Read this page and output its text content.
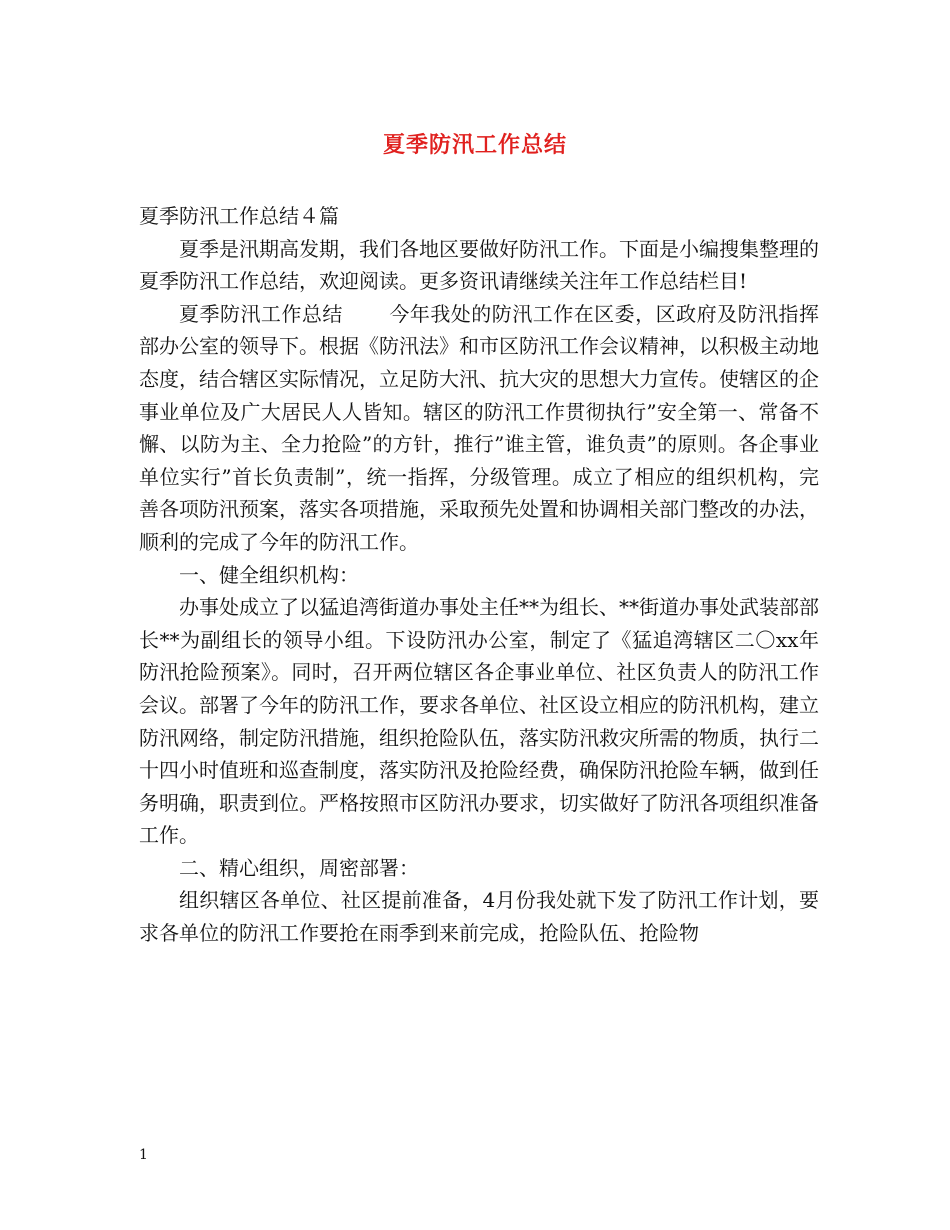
夏季防汛工作总结

夏季防汛工作总结４篇

夏季是汛期高发期，我们各地区要做好防汛工作。下面是小编搜集整理的夏季防汛工作总结，欢迎阅读。更多资讯请继续关注年工作总结栏目!

夏季防汛工作总结 今年我处的防汛工作在区委，区政府及防汛指挥部办公室的领导下。根据《防汛法》和市区防汛工作会议精神，以积极主动地态度，结合辖区实际情况，立足防大汛、抗大灾的思想大力宣传。使辖区的企事业单位及广大居民人人皆知。辖区的防汛工作贯彻执行”安全第一、常备不懈、以防为主、全力抢险”的方针，推行”谁主管，谁负责”的原则。各企事业单位实行”首长负责制”，统一指挥，分级管理。成立了相应的组织机构，完善各项防汛预案，落实各项措施，采取预先处置和协调相关部门整改的办法，顺利的完成了今年的防汛工作。

一、健全组织机构：

办事处成立了以猛追湾街道办事处主任**为组长、**街道办事处武装部部长**为副组长的领导小组。下设防汛办公室，制定了《猛追湾辖区二〇xx年防汛抢险预案》。同时，召开两位辖区各企事业单位、社区负责人的防汛工作会议。部署了今年的防汛工作，要求各单位、社区设立相应的防汛机构，建立防汛网络，制定防汛措施，组织抢险队伍，落实防汛救灾所需的物质，执行二十四小时值班和巡查制度，落实防汛及抢险经费，确保防汛抢险车辆，做到任务明确，职责到位。严格按照市区防汛办要求，切实做好了防汛各项组织准备工作。

二、精心组织，周密部署：

组织辖区各单位、社区提前准备，4月份我处就下发了防汛工作计划，要求各单位的防汛工作要抢在雨季到来前完成，抢险队伍、抢险物

1
